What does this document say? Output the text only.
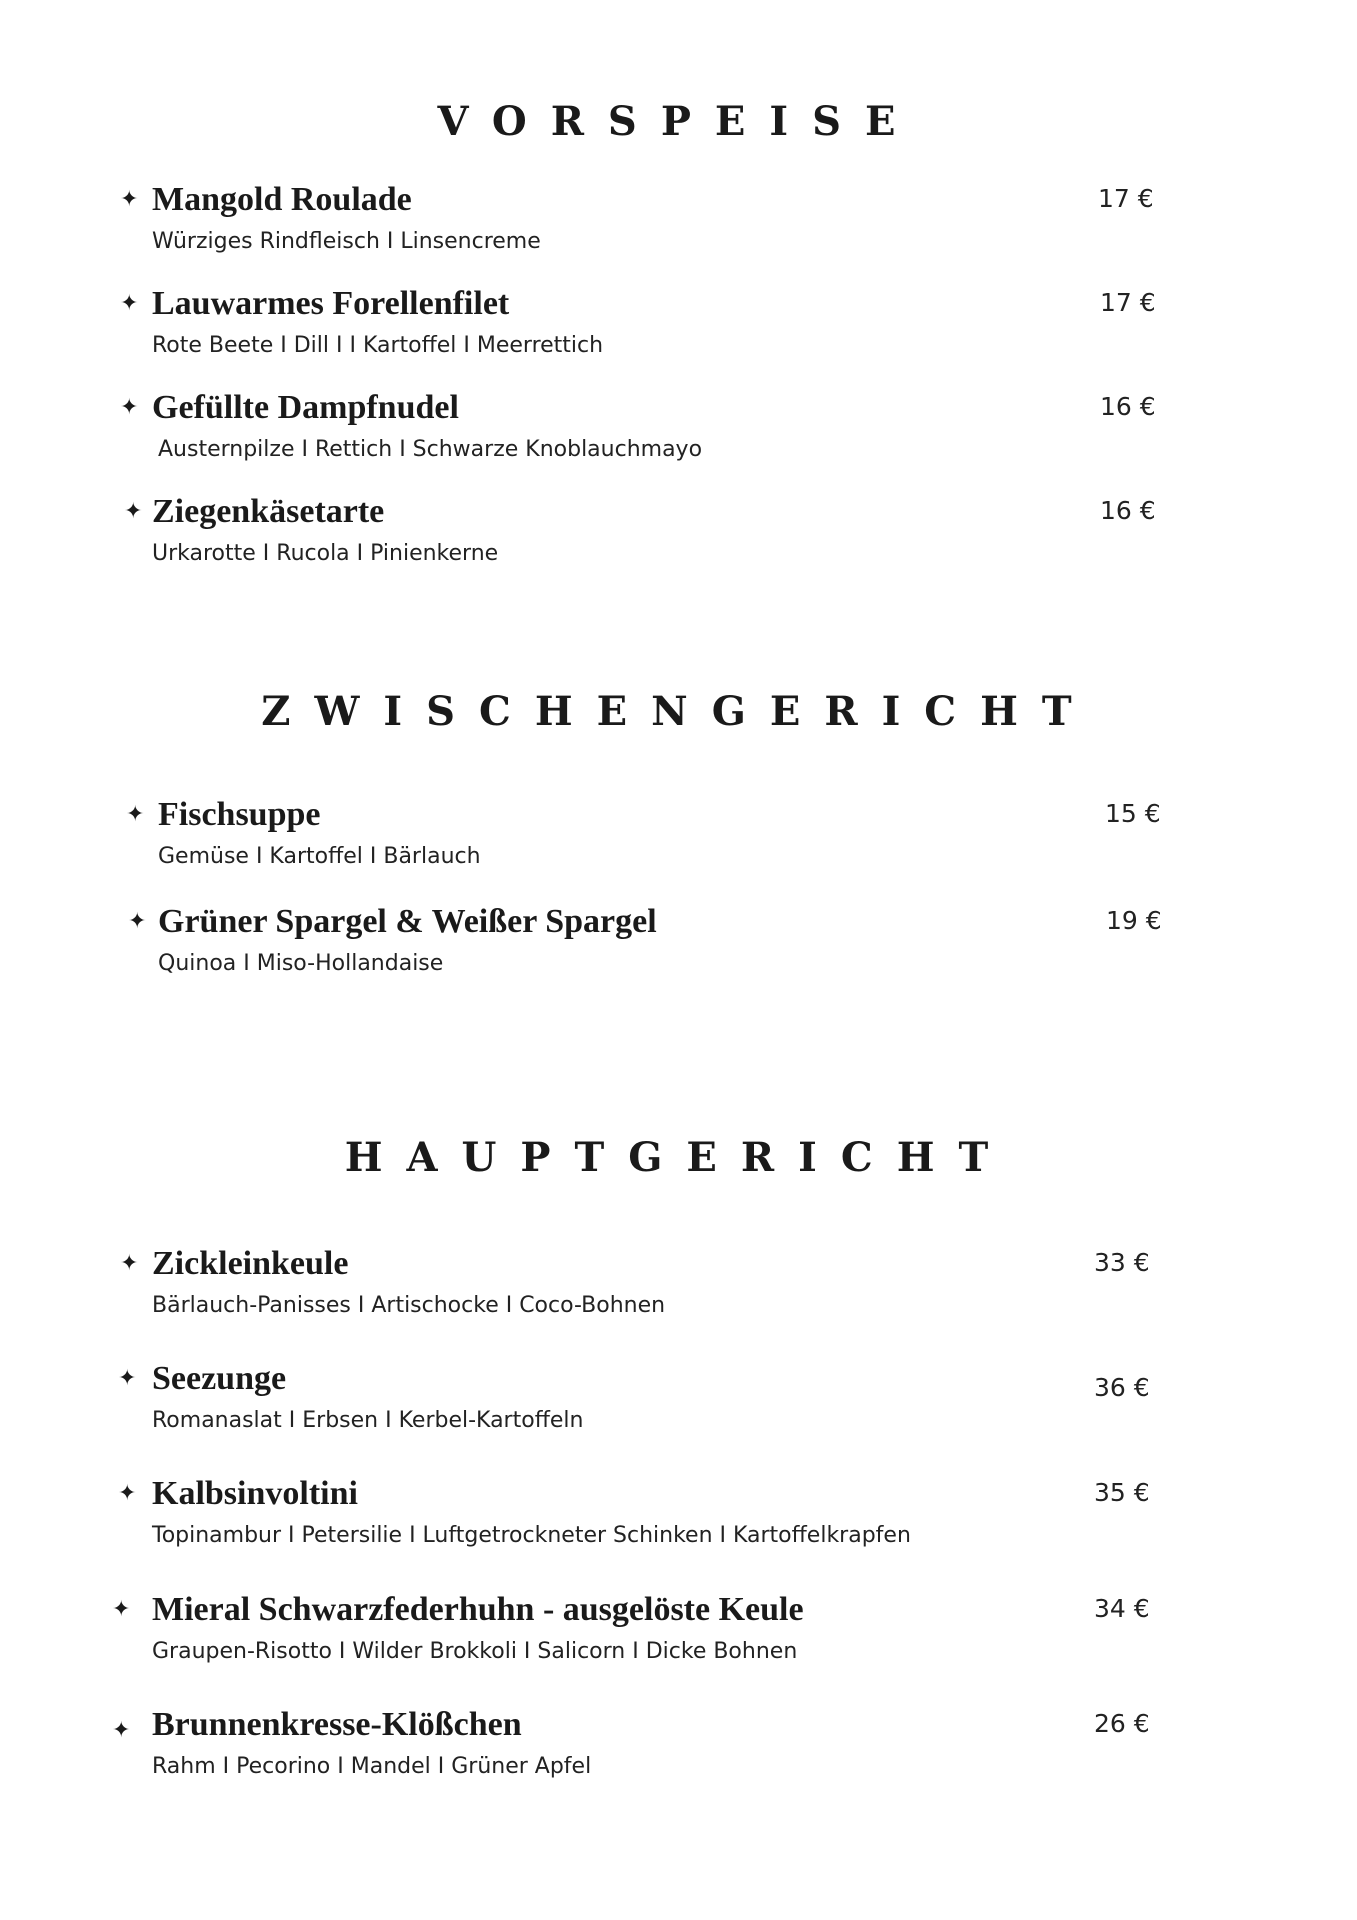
VORSPEISE
✦ Mangold Roulade
Würziges Rindfleisch I Linsencreme
17 €
✦ Lauwarmes Forellenfilet
Rote Beete I Dill I I Kartoffel I Meerrettich
17 €
✦ Gefüllte Dampfnudel
Austernpilze I Rettich I Schwarze Knoblauchmayo
16 €
✦ Ziegenkäsetarte
Urkarotte I Rucola I Pinienkerne
16 €
ZWISCHENGERICHT
✦ Fischsuppe
Gemüse I Kartoffel I Bärlauch
15 €
✦ Grüner Spargel & Weißer Spargel
Quinoa I Miso-Hollandaise
19 €
HAUPTGERICHT
✦ Zickleinkeule
Bärlauch-Panisses I Artischocke I Coco-Bohnen
33 €
✦ Seezunge
Romanaslat I Erbsen I Kerbel-Kartoffeln
36 €
✦ Kalbsinvoltini
Topinambur I Petersilie I Luftgetrockneter Schinken I Kartoffelkrapfen
35 €
✦ Mieral Schwarzfederhuhn - ausgelöste Keule
Graupen-Risotto I Wilder Brokkoli I Salicorn I Dicke Bohnen
34 €
✦ Brunnenkresse-Klößchen
Rahm I Pecorino I Mandel I Grüner Apfel
26 €
